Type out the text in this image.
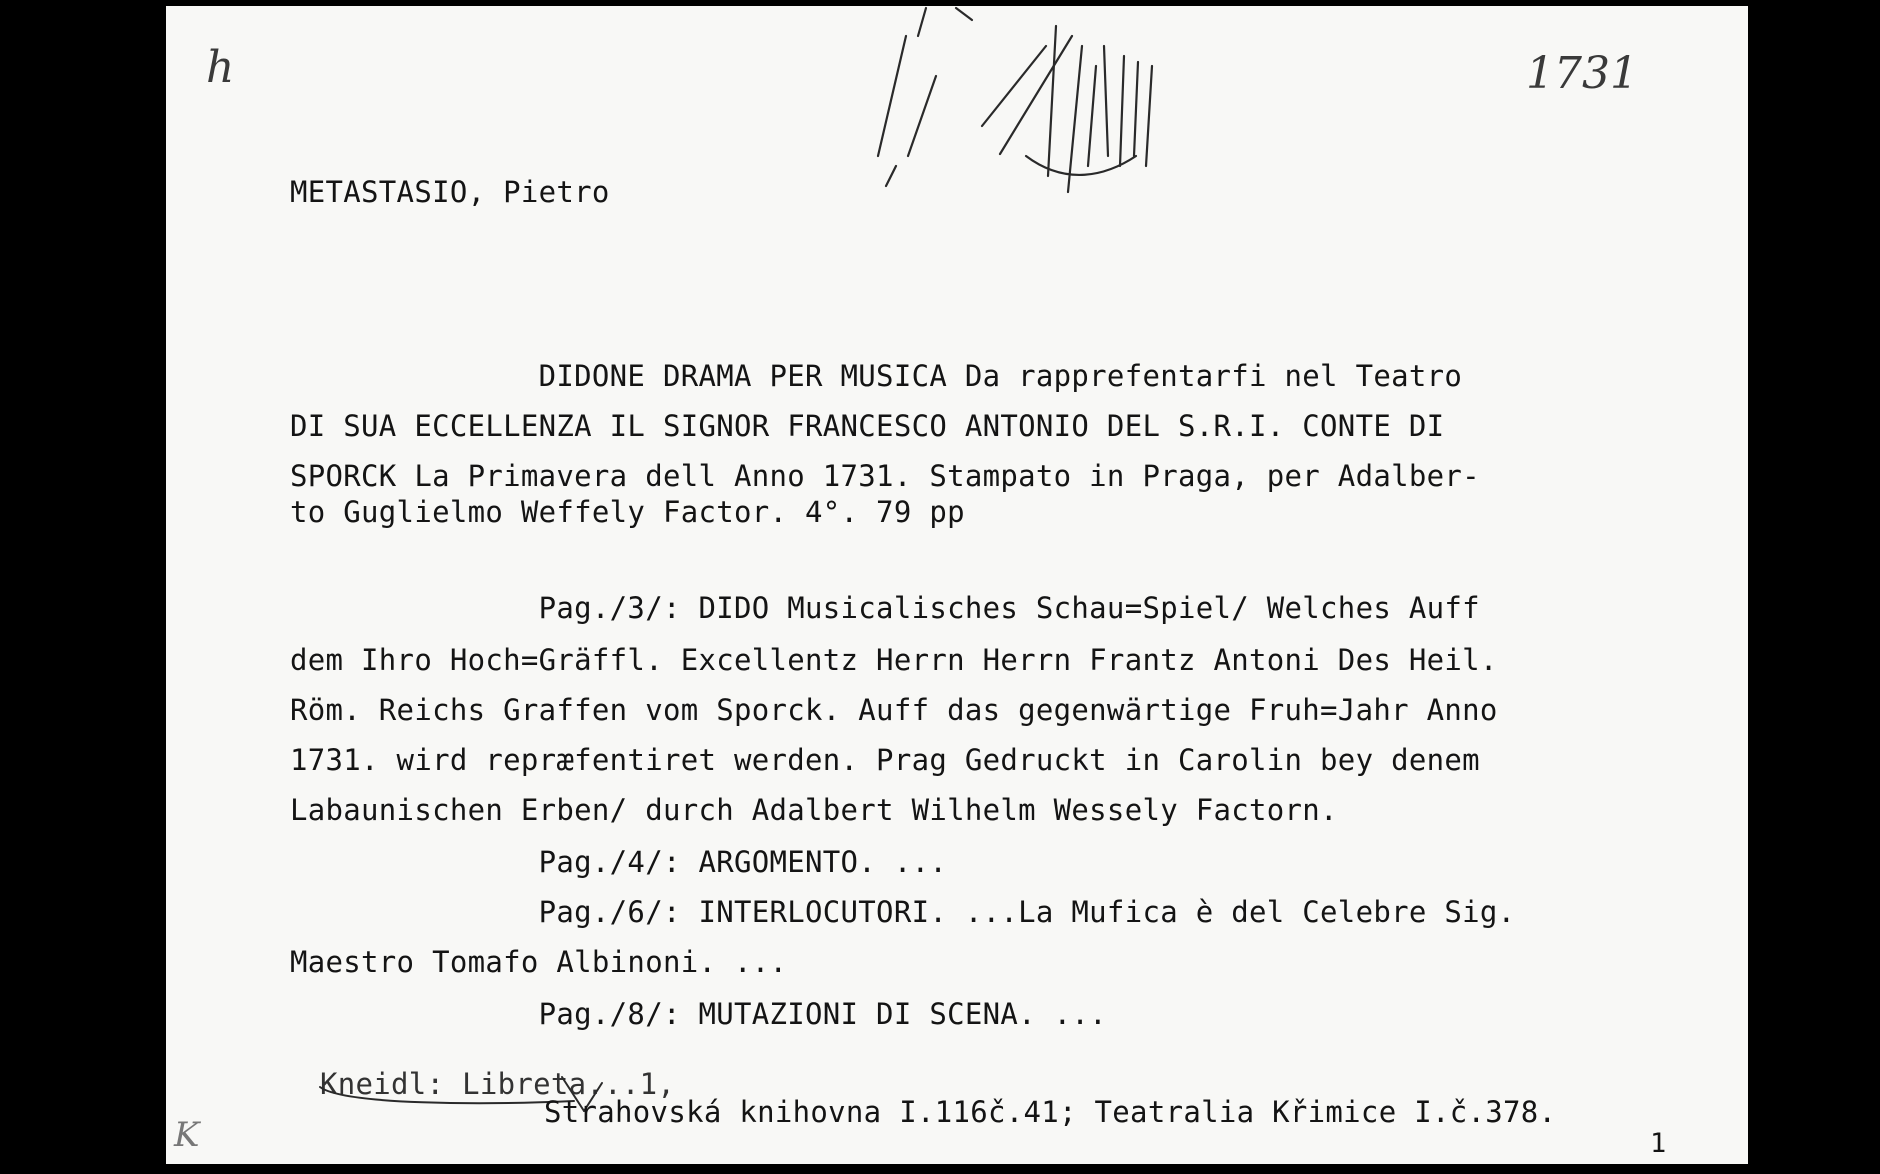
h	1731
METASTASIO, Pietro
DIDONE DRAMA PER MUSICA Da rapprefentarfi nel Teatro
DI SUA ECCELLENZA IL SIGNOR FRANCESCO ANTONIO DEL S.R.I. CONTE DI
SPORCK La Primavera dell Anno 1731. Stampato in Praga, per Adalber-
to Guglielmo Weffely Factor. 4°. 79 pp
Pag./3/: DIDO Musicalisches Schau=Spiel/ Welches Auff
dem Ihro Hoch=Gräffl. Excellentz Herrn Herrn Frantz Antoni Des Heil.
Röm. Reichs Graffen vom Sporck. Auff das gegenwärtige Fruh=Jahr Anno
1731. wird repræfentiret werden. Prag Gedruckt in Carolin bey denem
Labaunischen Erben/ durch Adalbert Wilhelm Wessely Factorn.
Pag./4/: ARGOMENTO. ...
Pag./6/: INTERLOCUTORI. ...La Mufica è del Celebre Sig.
Maestro Tomafo Albinoni. ...
Pag./8/: MUTAZIONI DI SCENA. ...
Kneidl: Libreta...1,
Strahovská knihovna I.116č.41; Teatralia Křimice I.č.378.
K	1
